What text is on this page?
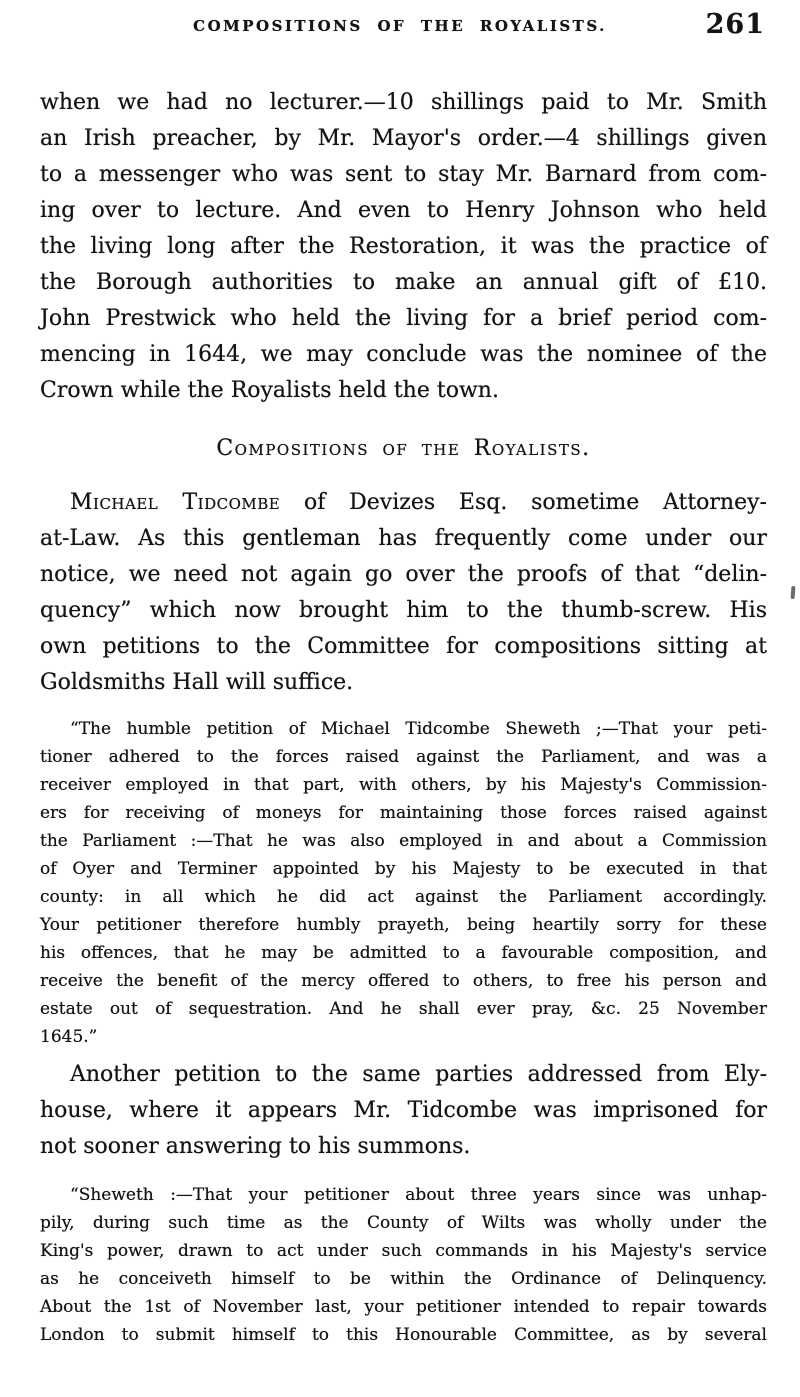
COMPOSITIONS OF THE ROYALISTS.	261
when we had no lecturer.—10 shillings paid to Mr. Smith
an Irish preacher, by Mr. Mayor's order.—4 shillings given
to a messenger who was sent to stay Mr. Barnard from com-
ing over to lecture. And even to Henry Johnson who held
the living long after the Restoration, it was the practice of
the Borough authorities to make an annual gift of £10.
John Prestwick who held the living for a brief period com-
mencing in 1644, we may conclude was the nominee of the
Crown while the Royalists held the town.
Compositions of the Royalists.
Michael Tidcombe of Devizes Esq. sometime Attorney-
at-Law. As this gentleman has frequently come under our
notice, we need not again go over the proofs of that “delin-
quency” which now brought him to the thumb-screw. His
own petitions to the Committee for compositions sitting at
Goldsmiths Hall will suffice.
“The humble petition of Michael Tidcombe Sheweth ;—That your peti-
tioner adhered to the forces raised against the Parliament, and was a
receiver employed in that part, with others, by his Majesty's Commission-
ers for receiving of moneys for maintaining those forces raised against
the Parliament :—That he was also employed in and about a Commission
of Oyer and Terminer appointed by his Majesty to be executed in that
county: in all which he did act against the Parliament accordingly.
Your petitioner therefore humbly prayeth, being heartily sorry for these
his offences, that he may be admitted to a favourable composition, and
receive the benefit of the mercy offered to others, to free his person and
estate out of sequestration. And he shall ever pray, &c. 25 November
1645.”
Another petition to the same parties addressed from Ely-
house, where it appears Mr. Tidcombe was imprisoned for
not sooner answering to his summons.
“Sheweth :—That your petitioner about three years since was unhap-
pily, during such time as the County of Wilts was wholly under the
King's power, drawn to act under such commands in his Majesty's service
as he conceiveth himself to be within the Ordinance of Delinquency.
About the 1st of November last, your petitioner intended to repair towards
London to submit himself to this Honourable Committee, as by several
